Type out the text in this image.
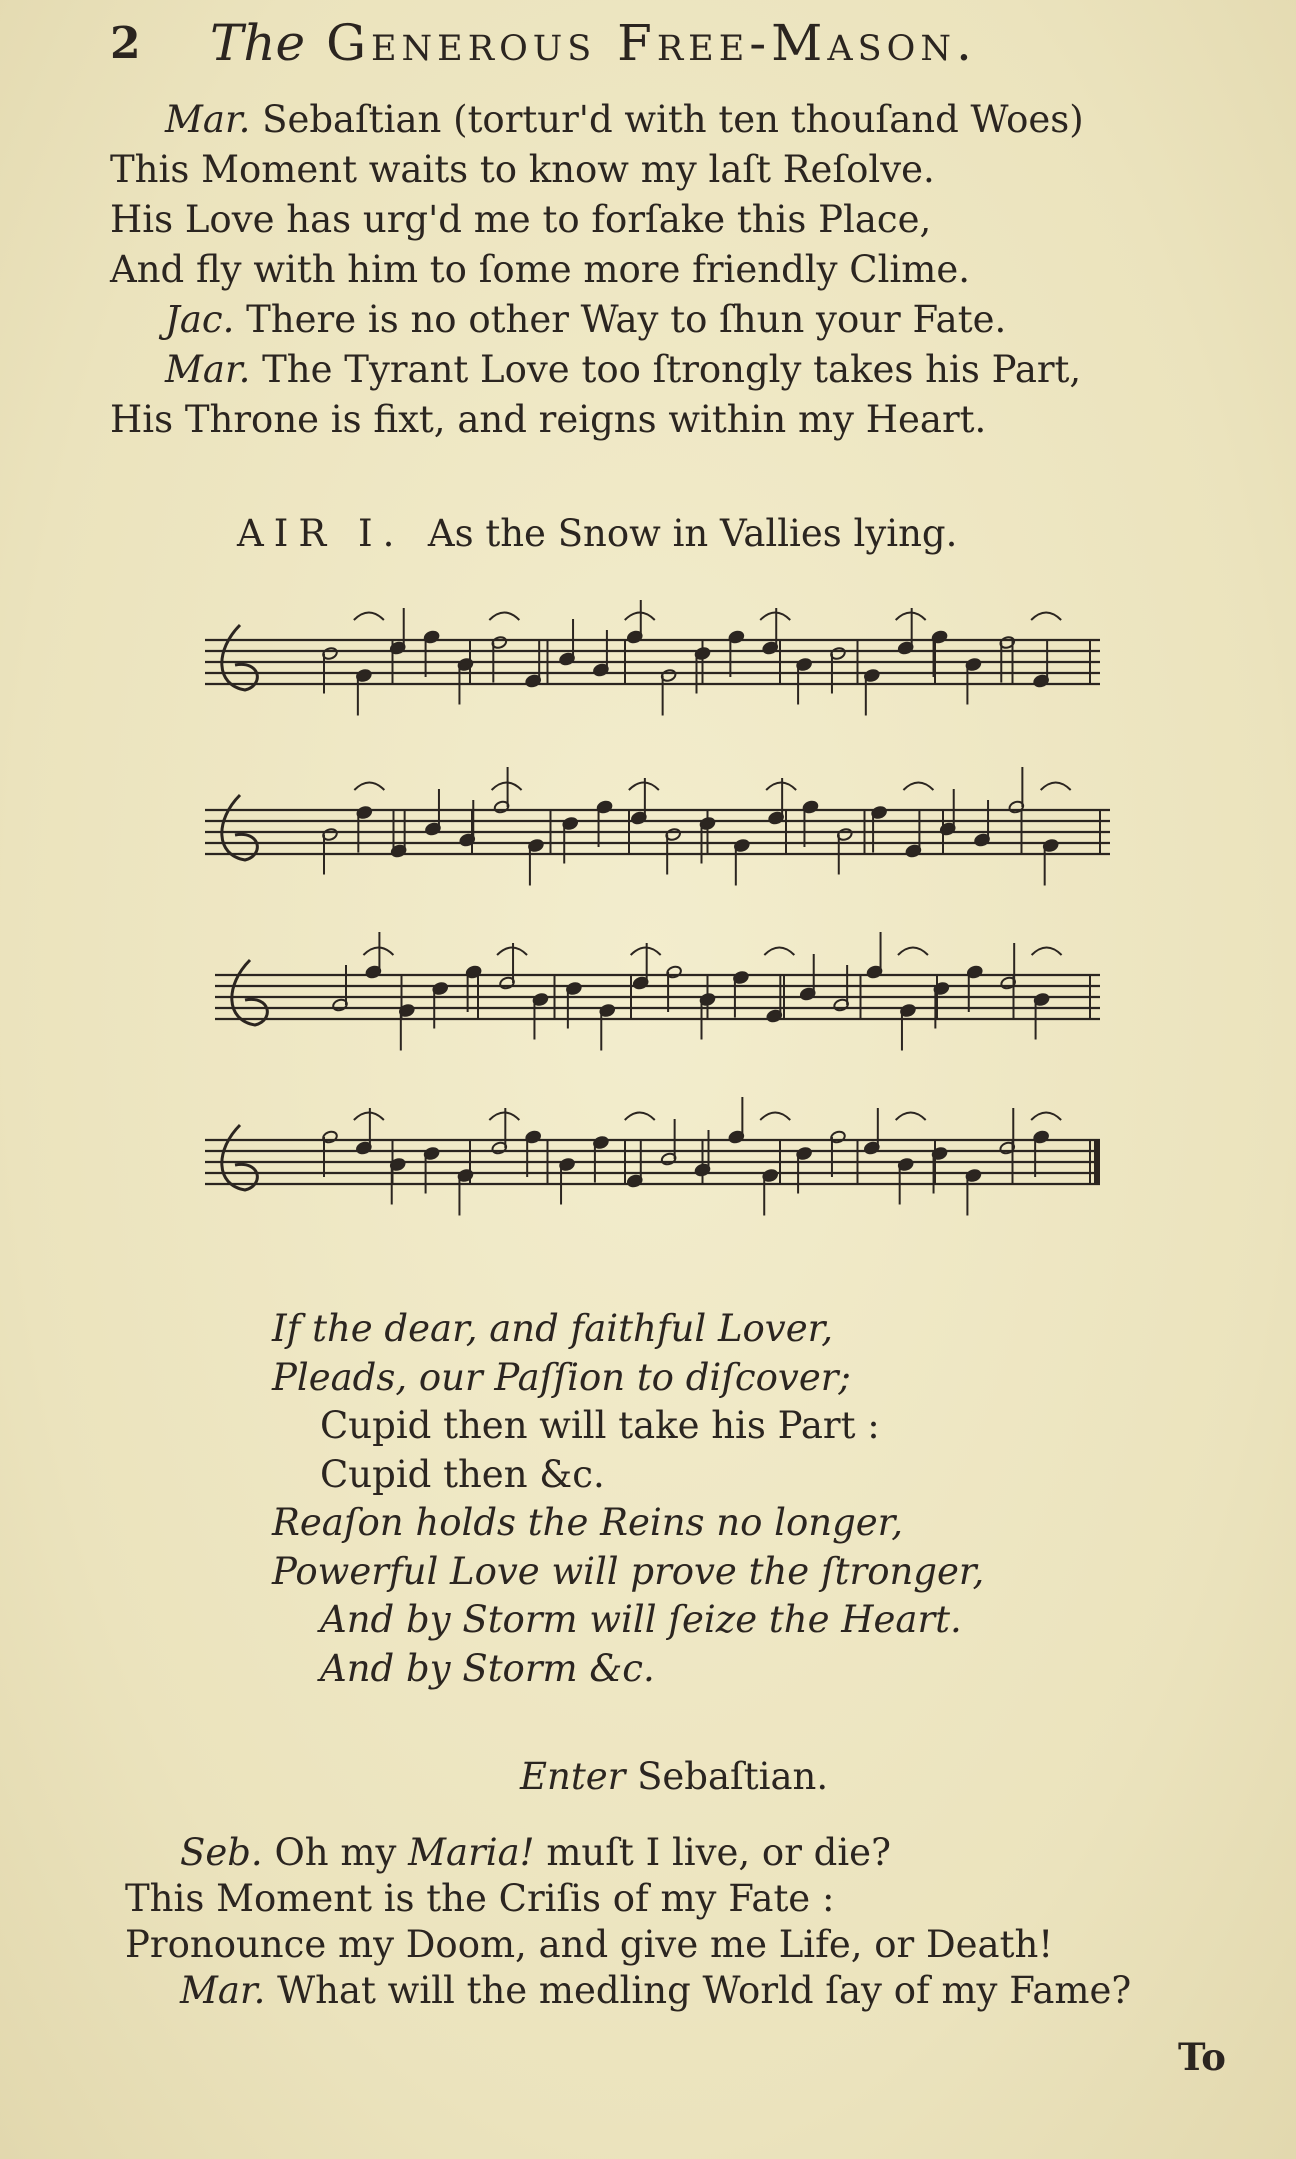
2 The Generous Free-Mason.
Mar. Sebaſtian (tortur'd with ten thouſand Woes)
This Moment waits to know my laſt Reſolve.
His Love has urg'd me to forſake this Place,
And fly with him to ſome more friendly Clime.
Jac. There is no other Way to ſhun your Fate.
Mar. The Tyrant Love too ſtrongly takes his Part,
His Throne is fixt, and reigns within my Heart.
AIR I. As the Snow in Vallies lying.
If the dear, and faithful Lover,
Pleads, our Paſſion to diſcover;
Cupid then will take his Part :
Cupid then &c.
Reaſon holds the Reins no longer,
Powerful Love will prove the ſtronger,
And by Storm will ſeize the Heart.
And by Storm &c.
Enter Sebaſtian.
Seb. Oh my Maria! muſt I live, or die?
This Moment is the Criſis of my Fate :
Pronounce my Doom, and give me Life, or Death!
Mar. What will the medling World ſay of my Fame?
To
